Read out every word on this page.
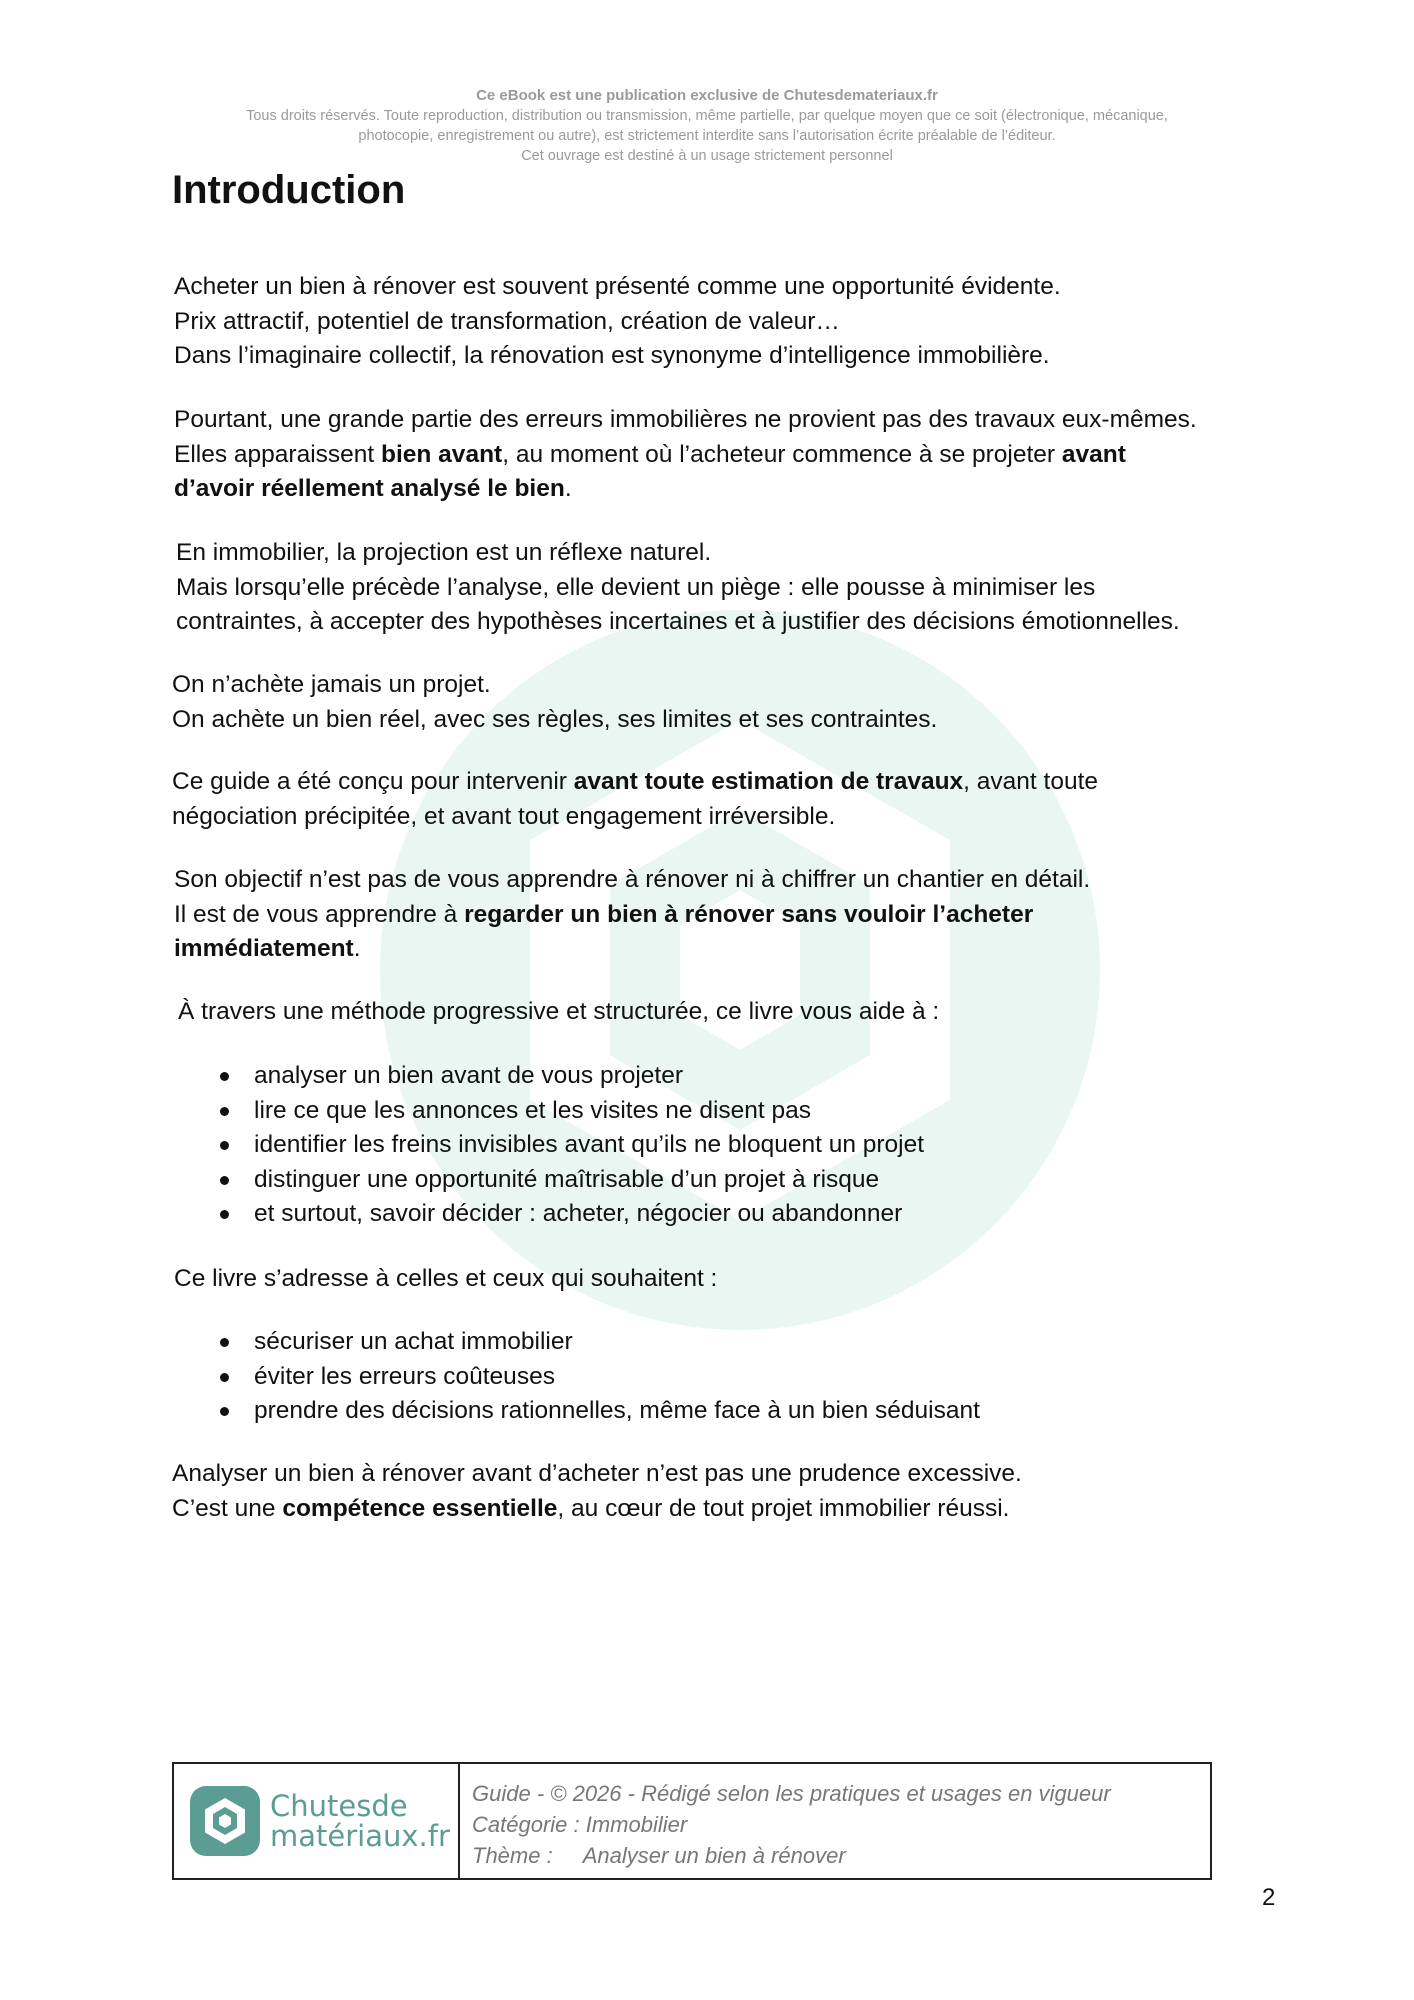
Ce eBook est une publication exclusive de Chutesdemateriaux.fr
Tous droits réservés. Toute reproduction, distribution ou transmission, même partielle, par quelque moyen que ce soit (électronique, mécanique,
photocopie, enregistrement ou autre), est strictement interdite sans l’autorisation écrite préalable de l’éditeur.
Cet ouvrage est destiné à un usage strictement personnel
Introduction

Acheter un bien à rénover est souvent présenté comme une opportunité évidente.
Prix attractif, potentiel de transformation, création de valeur…
Dans l’imaginaire collectif, la rénovation est synonyme d’intelligence immobilière.

Pourtant, une grande partie des erreurs immobilières ne provient pas des travaux eux-mêmes.
Elles apparaissent bien avant, au moment où l’acheteur commence à se projeter avant
d’avoir réellement analysé le bien.

En immobilier, la projection est un réflexe naturel.
Mais lorsqu’elle précède l’analyse, elle devient un piège : elle pousse à minimiser les
contraintes, à accepter des hypothèses incertaines et à justifier des décisions émotionnelles.

On n’achète jamais un projet.
On achète un bien réel, avec ses règles, ses limites et ses contraintes.

Ce guide a été conçu pour intervenir avant toute estimation de travaux, avant toute
négociation précipitée, et avant tout engagement irréversible.

Son objectif n’est pas de vous apprendre à rénover ni à chiffrer un chantier en détail.
Il est de vous apprendre à regarder un bien à rénover sans vouloir l’acheter
immédiatement.

À travers une méthode progressive et structurée, ce livre vous aide à :

analyser un bien avant de vous projeter
lire ce que les annonces et les visites ne disent pas
identifier les freins invisibles avant qu’ils ne bloquent un projet
distinguer une opportunité maîtrisable d’un projet à risque
et surtout, savoir décider : acheter, négocier ou abandonner

Ce livre s’adresse à celles et ceux qui souhaitent :

sécuriser un achat immobilier
éviter les erreurs coûteuses
prendre des décisions rationnelles, même face à un bien séduisant

Analyser un bien à rénover avant d’acheter n’est pas une prudence excessive.
C’est une compétence essentielle, au cœur de tout projet immobilier réussi.

Chutesde
matériaux.fr
Guide - © 2026 - Rédigé selon les pratiques et usages en vigueur
Catégorie : Immobilier
Thème : Analyser un bien à rénover
2
